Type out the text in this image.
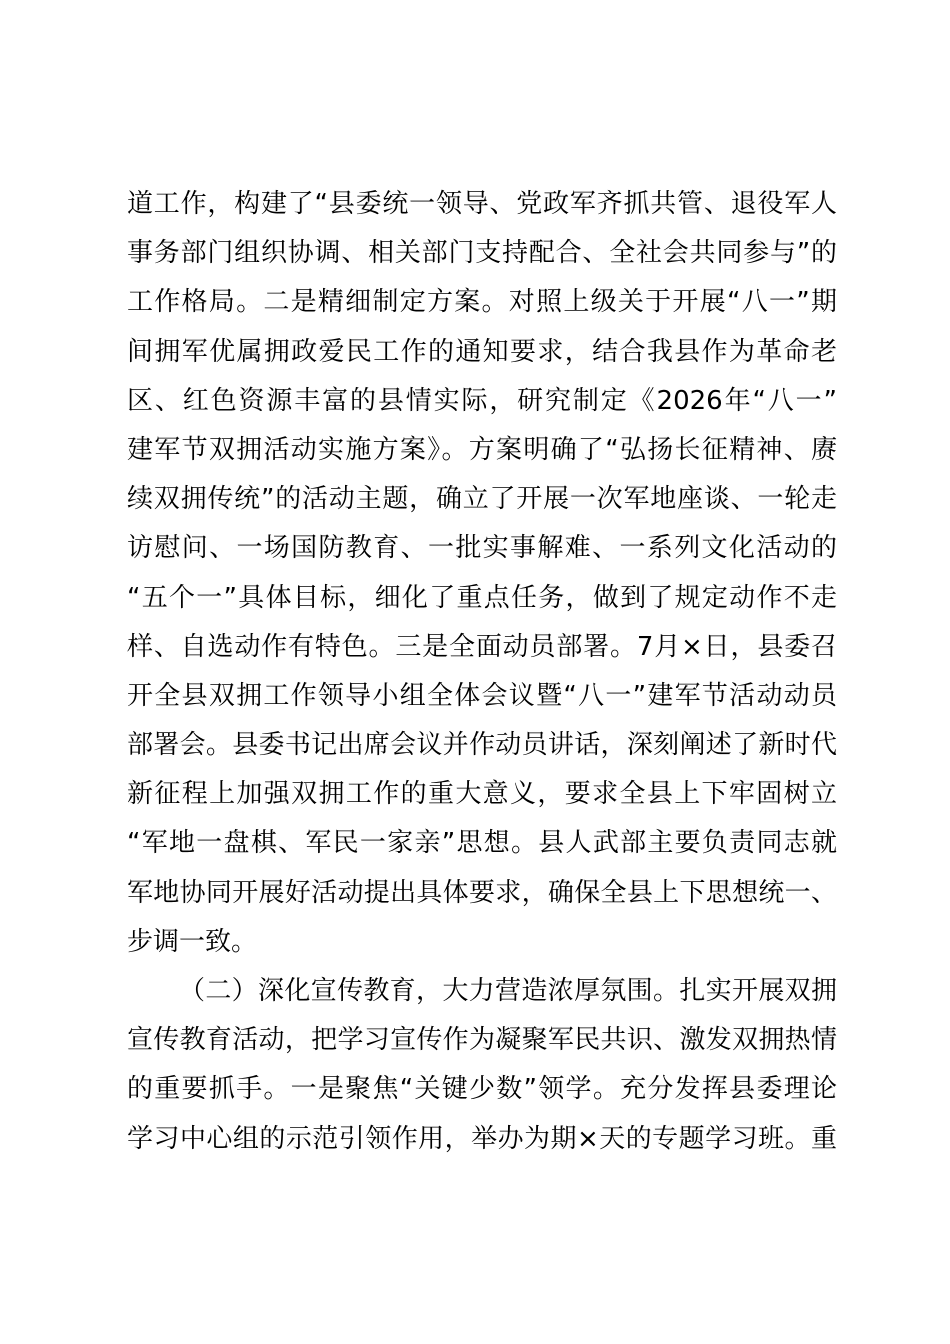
道工作，构建了“县委统一领导、党政军齐抓共管、退役军人
事务部门组织协调、相关部门支持配合、全社会共同参与”的
工作格局。二是精细制定方案。对照上级关于开展“八一”期
间拥军优属拥政爱民工作的通知要求，结合我县作为革命老
区、红色资源丰富的县情实际，研究制定《2026年“八一”
建军节双拥活动实施方案》。方案明确了“弘扬长征精神、赓
续双拥传统”的活动主题，确立了开展一次军地座谈、一轮走
访慰问、一场国防教育、一批实事解难、一系列文化活动的
“五个一”具体目标，细化了重点任务，做到了规定动作不走
样、自选动作有特色。三是全面动员部署。7月×日，县委召
开全县双拥工作领导小组全体会议暨“八一”建军节活动动员
部署会。县委书记出席会议并作动员讲话，深刻阐述了新时代
新征程上加强双拥工作的重大意义，要求全县上下牢固树立
“军地一盘棋、军民一家亲”思想。县人武部主要负责同志就
军地协同开展好活动提出具体要求，确保全县上下思想统一、
步调一致。
（二）深化宣传教育，大力营造浓厚氛围。扎实开展双拥
宣传教育活动，把学习宣传作为凝聚军民共识、激发双拥热情
的重要抓手。一是聚焦“关键少数”领学。充分发挥县委理论
学习中心组的示范引领作用，举办为期×天的专题学习班。重
